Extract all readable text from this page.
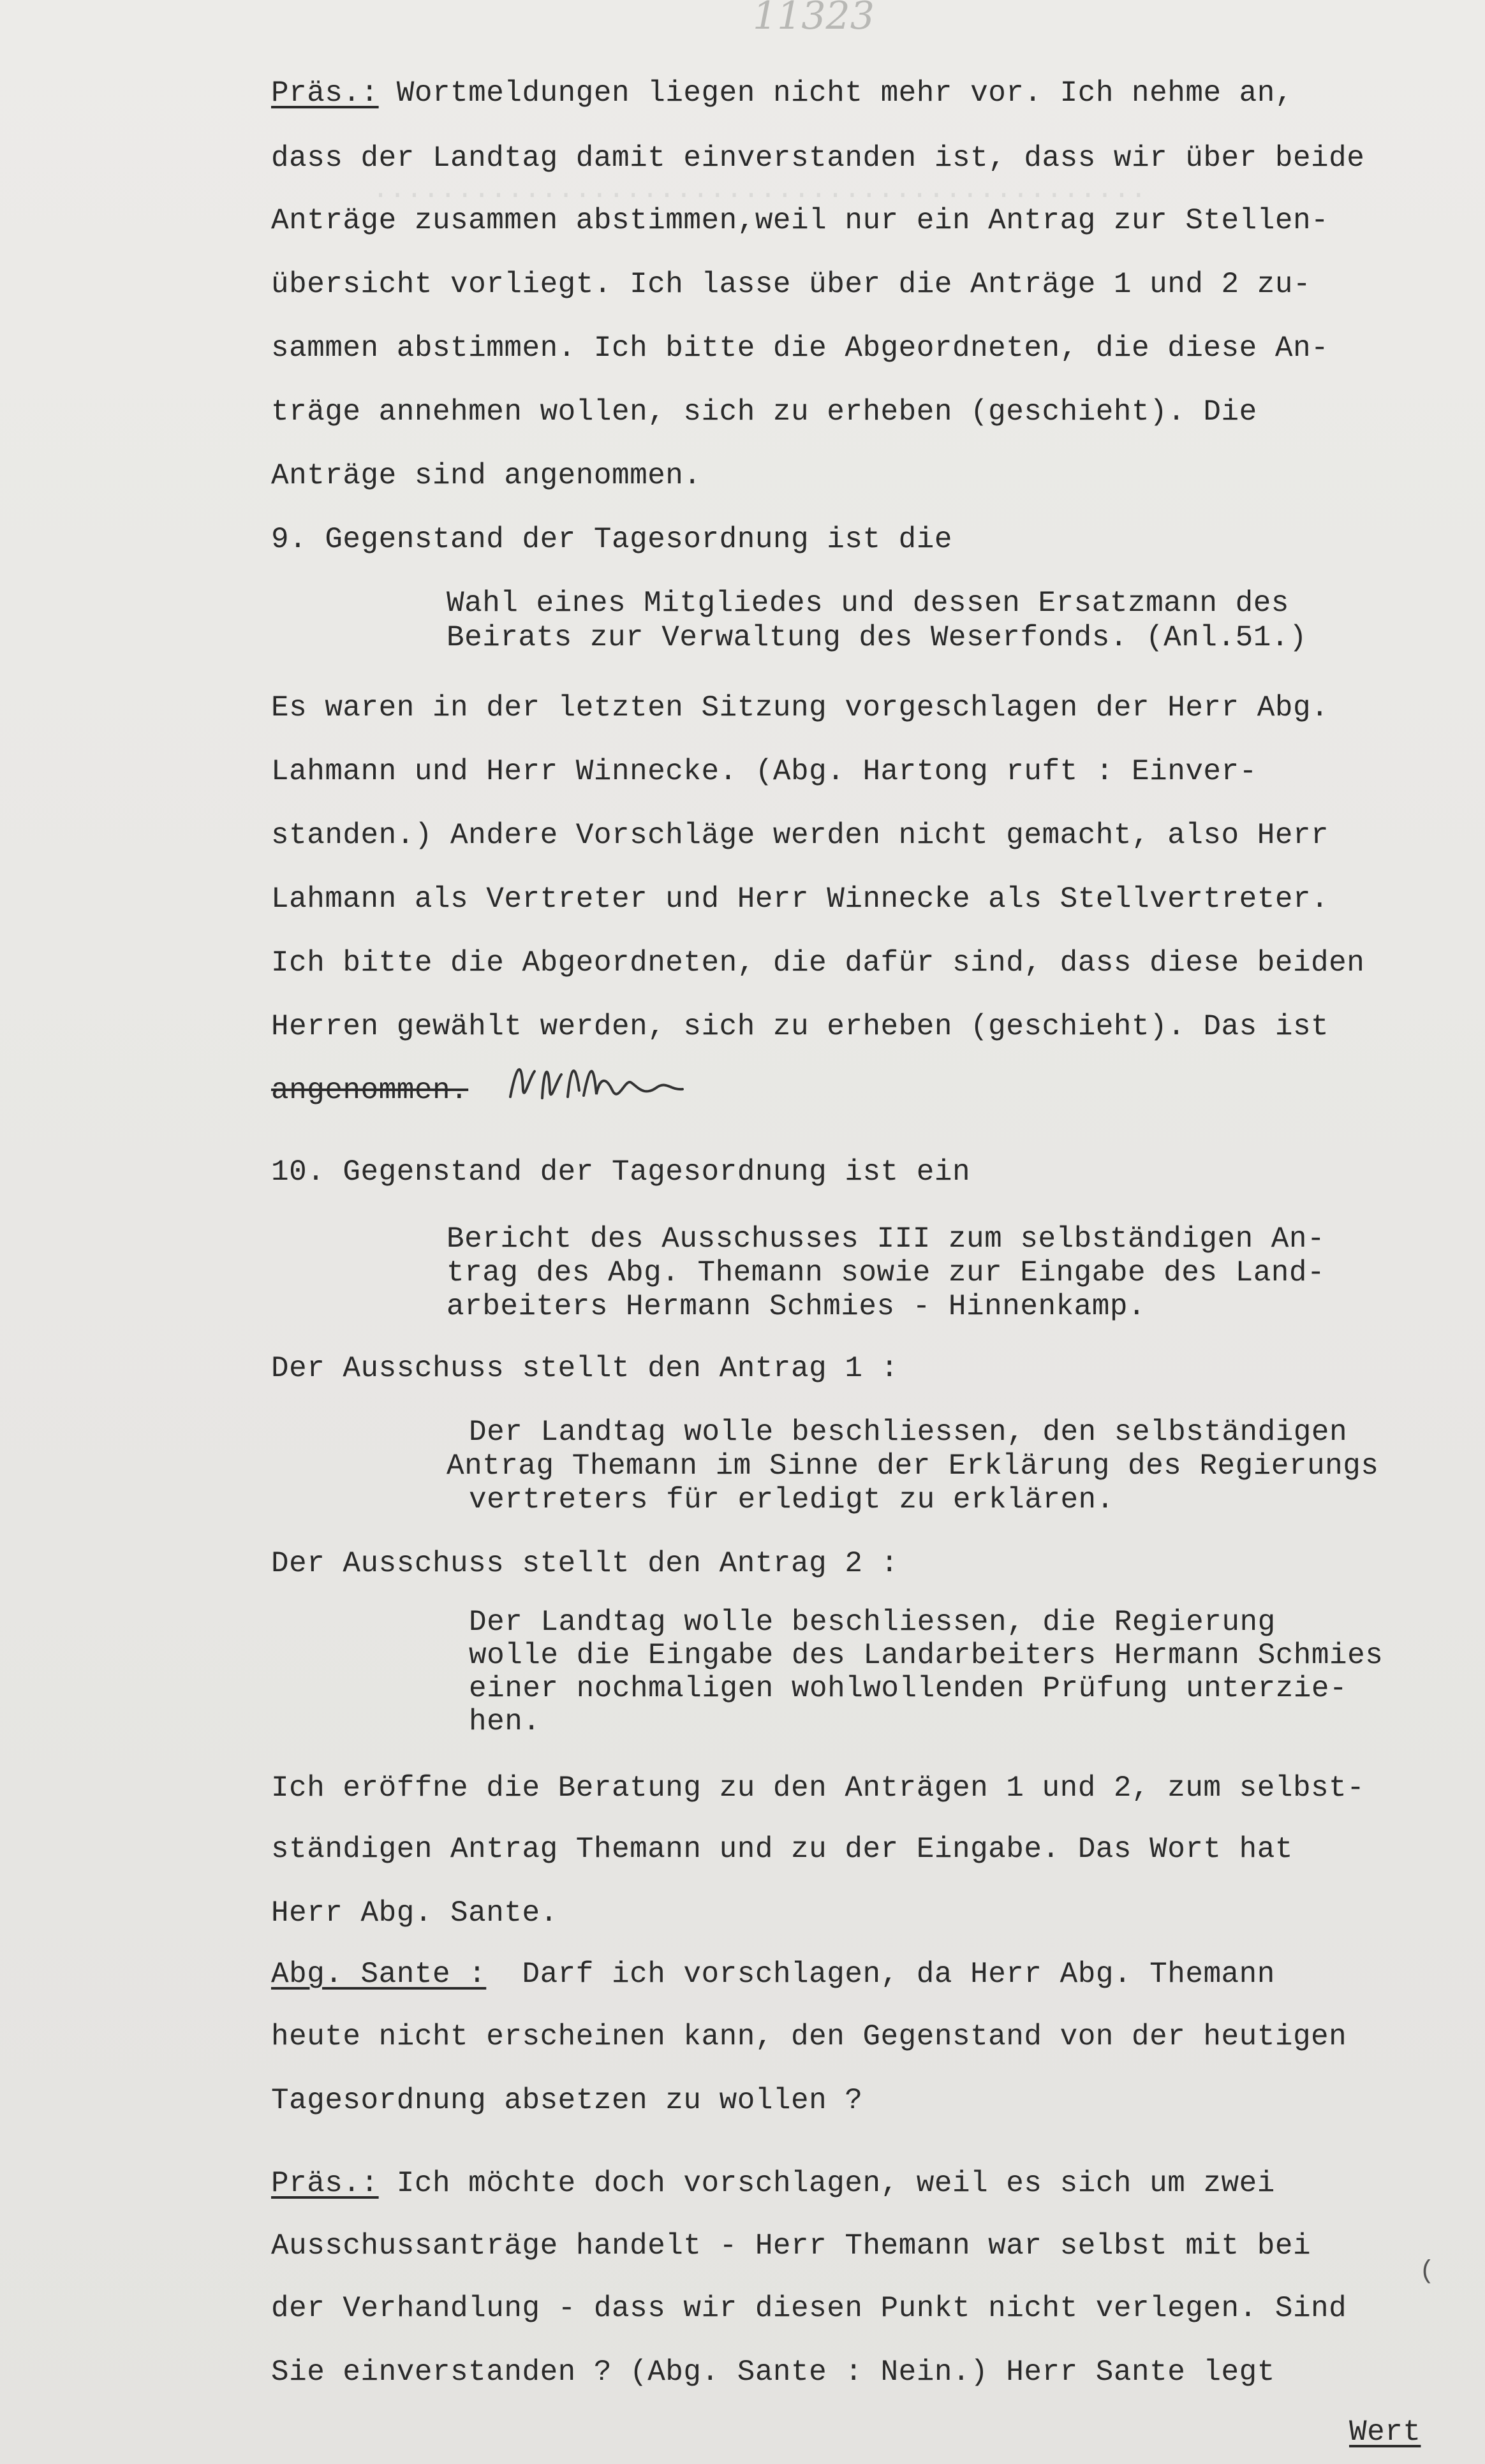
11323
..............................................
Präs.: Wortmeldungen liegen nicht mehr vor. Ich nehme an,
dass der Landtag damit einverstanden ist, dass wir über beide
Anträge zusammen abstimmen,weil nur ein Antrag zur Stellen-
übersicht vorliegt. Ich lasse über die Anträge 1 und 2 zu-
sammen abstimmen. Ich bitte die Abgeordneten, die diese An-
träge annehmen wollen, sich zu erheben (geschieht). Die
Anträge sind angenommen.
9. Gegenstand der Tagesordnung ist die
Wahl eines Mitgliedes und dessen Ersatzmann des
Beirats zur Verwaltung des Weserfonds. (Anl.51.)
Es waren in der letzten Sitzung vorgeschlagen der Herr Abg.
Lahmann und Herr Winnecke. (Abg. Hartong ruft : Einver-
standen.) Andere Vorschläge werden nicht gemacht, also Herr
Lahmann als Vertreter und Herr Winnecke als Stellvertreter.
Ich bitte die Abgeordneten, die dafür sind, dass diese beiden
Herren gewählt werden, sich zu erheben (geschieht). Das ist
angenommen.
10. Gegenstand der Tagesordnung ist ein
Bericht des Ausschusses III zum selbständigen An-
trag des Abg. Themann sowie zur Eingabe des Land-
arbeiters Hermann Schmies - Hinnenkamp.
Der Ausschuss stellt den Antrag 1 :
Der Landtag wolle beschliessen, den selbständigen
Antrag Themann im Sinne der Erklärung des Regierungs
vertreters für erledigt zu erklären.
Der Ausschuss stellt den Antrag 2 :
Der Landtag wolle beschliessen, die Regierung
wolle die Eingabe des Landarbeiters Hermann Schmies
einer nochmaligen wohlwollenden Prüfung unterzie-
hen.
Ich eröffne die Beratung zu den Anträgen 1 und 2, zum selbst-
ständigen Antrag Themann und zu der Eingabe. Das Wort hat
Herr Abg. Sante.
Abg. Sante :  Darf ich vorschlagen, da Herr Abg. Themann
heute nicht erscheinen kann, den Gegenstand von der heutigen
Tagesordnung absetzen zu wollen ?
Präs.: Ich möchte doch vorschlagen, weil es sich um zwei
Ausschussanträge handelt - Herr Themann war selbst mit bei
der Verhandlung - dass wir diesen Punkt nicht verlegen. Sind
Sie einverstanden ? (Abg. Sante : Nein.) Herr Sante legt
Wert
(
